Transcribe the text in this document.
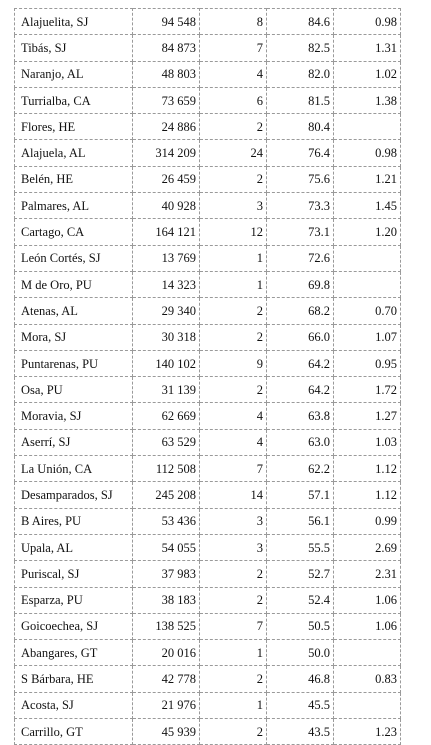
Alajuelita, SJ	94 548	8	84.6	0.98
Tibás, SJ	84 873	7	82.5	1.31
Naranjo, AL	48 803	4	82.0	1.02
Turrialba, CA	73 659	6	81.5	1.38
Flores, HE	24 886	2	80.4	
Alajuela, AL	314 209	24	76.4	0.98
Belén, HE	26 459	2	75.6	1.21
Palmares, AL	40 928	3	73.3	1.45
Cartago, CA	164 121	12	73.1	1.20
León Cortés, SJ	13 769	1	72.6	
M de Oro, PU	14 323	1	69.8	
Atenas, AL	29 340	2	68.2	0.70
Mora, SJ	30 318	2	66.0	1.07
Puntarenas, PU	140 102	9	64.2	0.95
Osa, PU	31 139	2	64.2	1.72
Moravia, SJ	62 669	4	63.8	1.27
Aserrí, SJ	63 529	4	63.0	1.03
La Unión, CA	112 508	7	62.2	1.12
Desamparados, SJ	245 208	14	57.1	1.12
B Aires, PU	53 436	3	56.1	0.99
Upala, AL	54 055	3	55.5	2.69
Puriscal, SJ	37 983	2	52.7	2.31
Esparza, PU	38 183	2	52.4	1.06
Goicoechea, SJ	138 525	7	50.5	1.06
Abangares, GT	20 016	1	50.0	
S Bárbara, HE	42 778	2	46.8	0.83
Acosta, SJ	21 976	1	45.5	
Carrillo, GT	45 939	2	43.5	1.23
